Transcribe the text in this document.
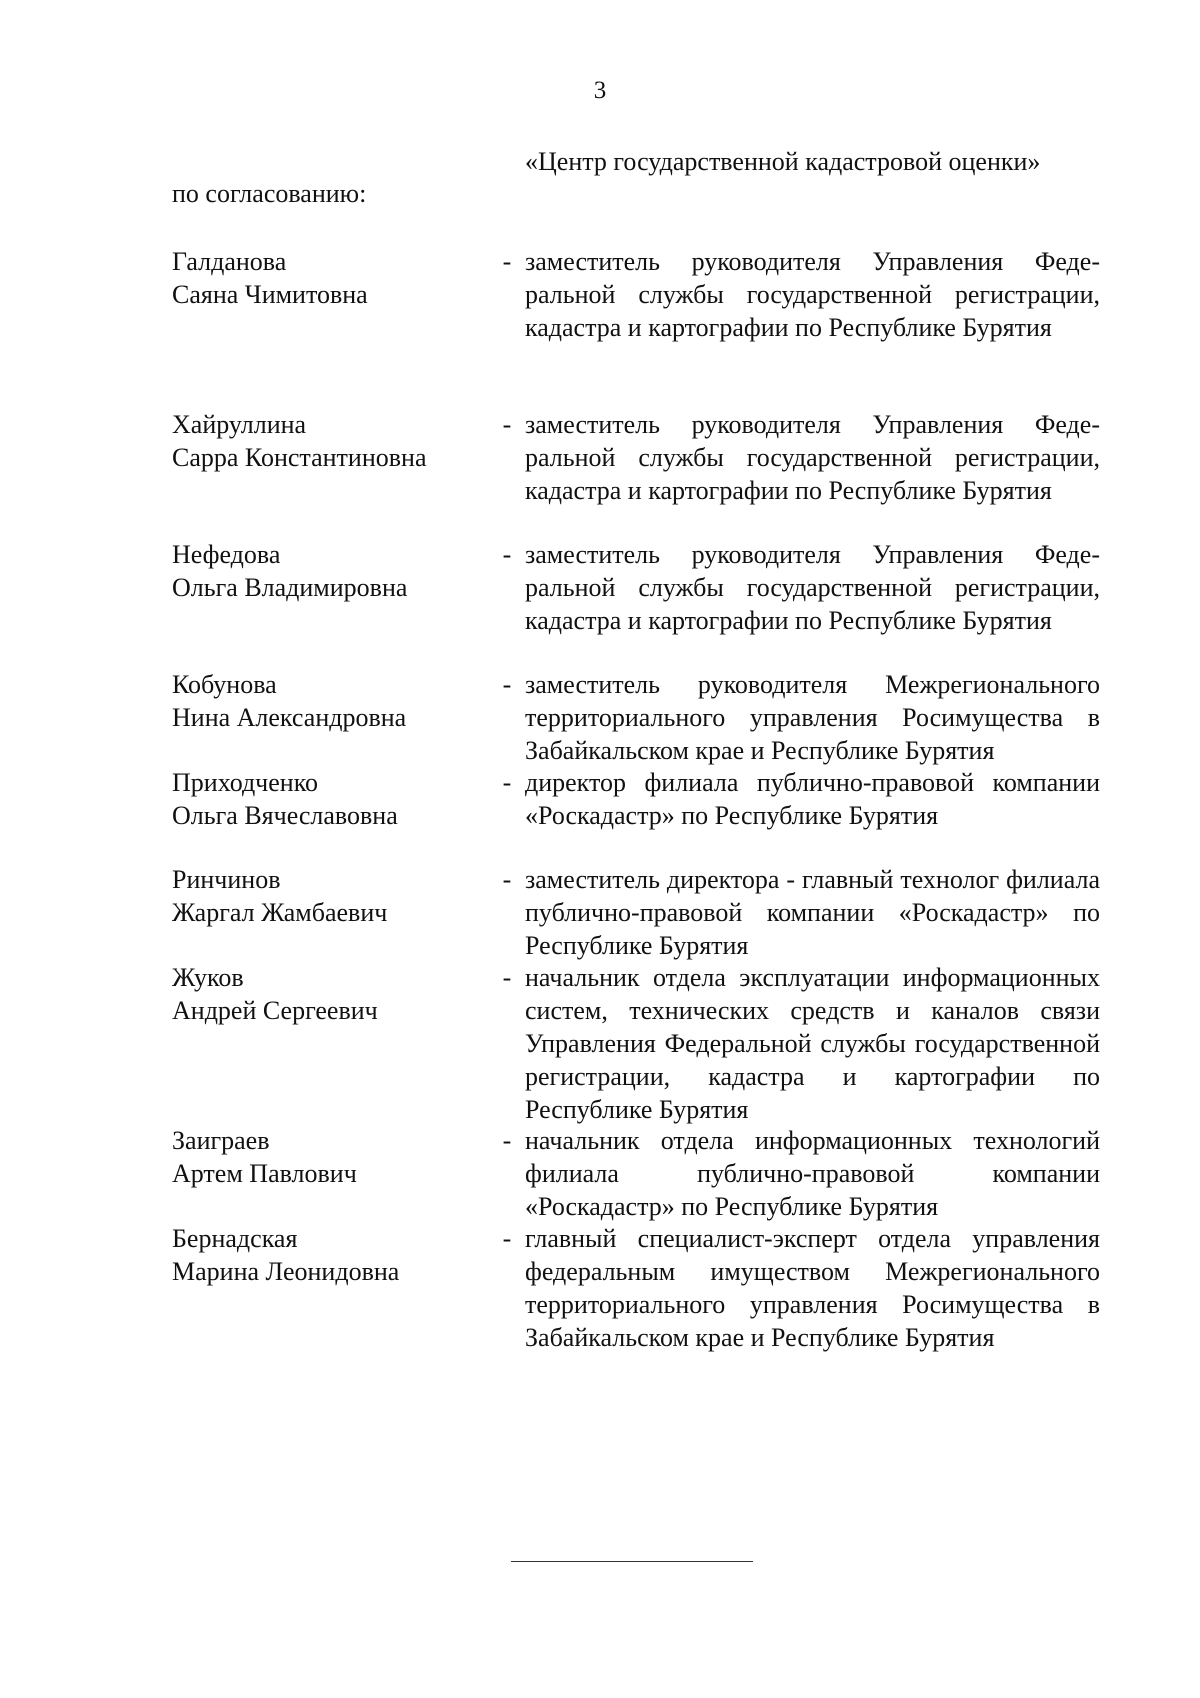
3
«Центр государственной кадастровой оценки»
по согласованию:
Галданова
Саяна Чимитовна
- заместитель руководителя Управления Федеральной службы государственной регистрации, кадастра и картографии по Республике Бурятия
Хайруллина
Сарра Константиновна
- заместитель руководителя Управления Федеральной службы государственной регистрации, кадастра и картографии по Республике Бурятия
Нефедова
Ольга Владимировна
- заместитель руководителя Управления Федеральной службы государственной регистрации, кадастра и картографии по Республике Бурятия
Кобунова
Нина Александровна
- заместитель руководителя Межрегионального территориального управления Росимущества в Забайкальском крае и Республике Бурятия
Приходченко
Ольга Вячеславовна
- директор филиала публично-правовой компании «Роскадастр» по Республике Бурятия
Ринчинов
Жаргал Жамбаевич
- заместитель директора - главный технолог филиала публично-правовой компании «Роскадастр» по Республике Бурятия
Жуков
Андрей Сергеевич
- начальник отдела эксплуатации информационных систем, технических средств и каналов связи Управления Федеральной службы государственной регистрации, кадастра и картографии по Республике Бурятия
Заиграев
Артем Павлович
- начальник отдела информационных технологий филиала публично-правовой компании «Роскадастр» по Республике Бурятия
Бернадская
Марина Леонидовна
- главный специалист-эксперт отдела управления федеральным имуществом Межрегионального территориального управления Росимущества в Забайкальском крае и Республике Бурятия
